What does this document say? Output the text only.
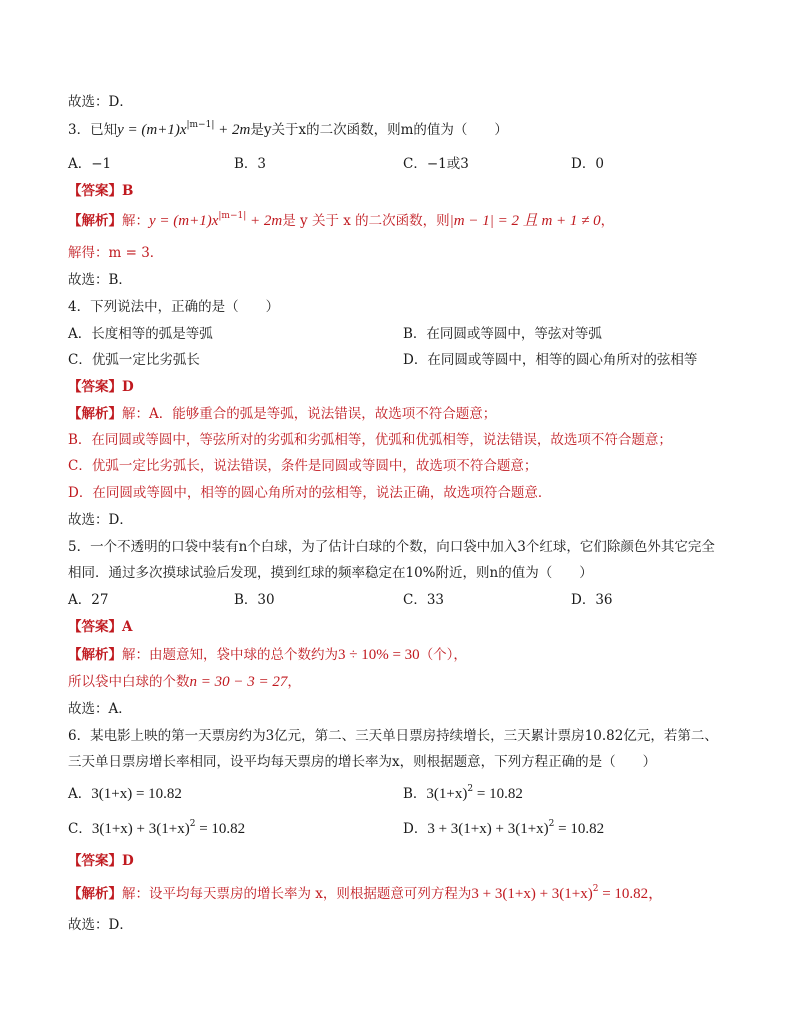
故选：D．
3．已知$y = (m+1)x^{|m-1|} + 2m$是y关于x的二次函数，则m的值为（　　）
A．−1	B．3	C．−1或3	D．0
【答案】B
【解析】解：$y = (m+1)x^{|m-1|} + 2m$是 y 关于 x 的二次函数，则|m − 1| = 2 且 m + 1 ≠ 0，
解得：m = 3．
故选：B．
4．下列说法中，正确的是（　　）
A．长度相等的弧是等弧	B．在同圆或等圆中，等弦对等弧
C．优弧一定比劣弧长	D．在同圆或等圆中，相等的圆心角所对的弦相等
【答案】D
【解析】解：A．能够重合的弧是等弧，说法错误，故选项不符合题意；
B．在同圆或等圆中，等弦所对的劣弧和劣弧相等，优弧和优弧相等，说法错误，故选项不符合题意；
C．优弧一定比劣弧长，说法错误，条件是同圆或等圆中，故选项不符合题意；
D．在同圆或等圆中，相等的圆心角所对的弦相等，说法正确，故选项符合题意．
故选：D．
5．一个不透明的口袋中装有n个白球，为了估计白球的个数，向口袋中加入3个红球，它们除颜色外其它完全
相同．通过多次摸球试验后发现，摸到红球的频率稳定在10%附近，则n的值为（　　）
A．27	B．30	C．33	D．36
【答案】A
【解析】解：由题意知，袋中球的总个数约为3 ÷ 10% = 30（个），
所以袋中白球的个数n = 30 − 3 = 27，
故选：A．
6．某电影上映的第一天票房约为3亿元，第二、三天单日票房持续增长，三天累计票房10.82亿元，若第二、
三天单日票房增长率相同，设平均每天票房的增长率为x，则根据题意，下列方程正确的是（　　）
A．3(1+x) = 10.82	B．$3(1+x)^2 = 10.82$
C．$3(1+x) + 3(1+x)^2 = 10.82$	D．$3 + 3(1+x) + 3(1+x)^2 = 10.82$
【答案】D
【解析】解：设平均每天票房的增长率为 x，则根据题意可列方程为$3 + 3(1+x) + 3(1+x)^2 = 10.82$，
故选：D．
